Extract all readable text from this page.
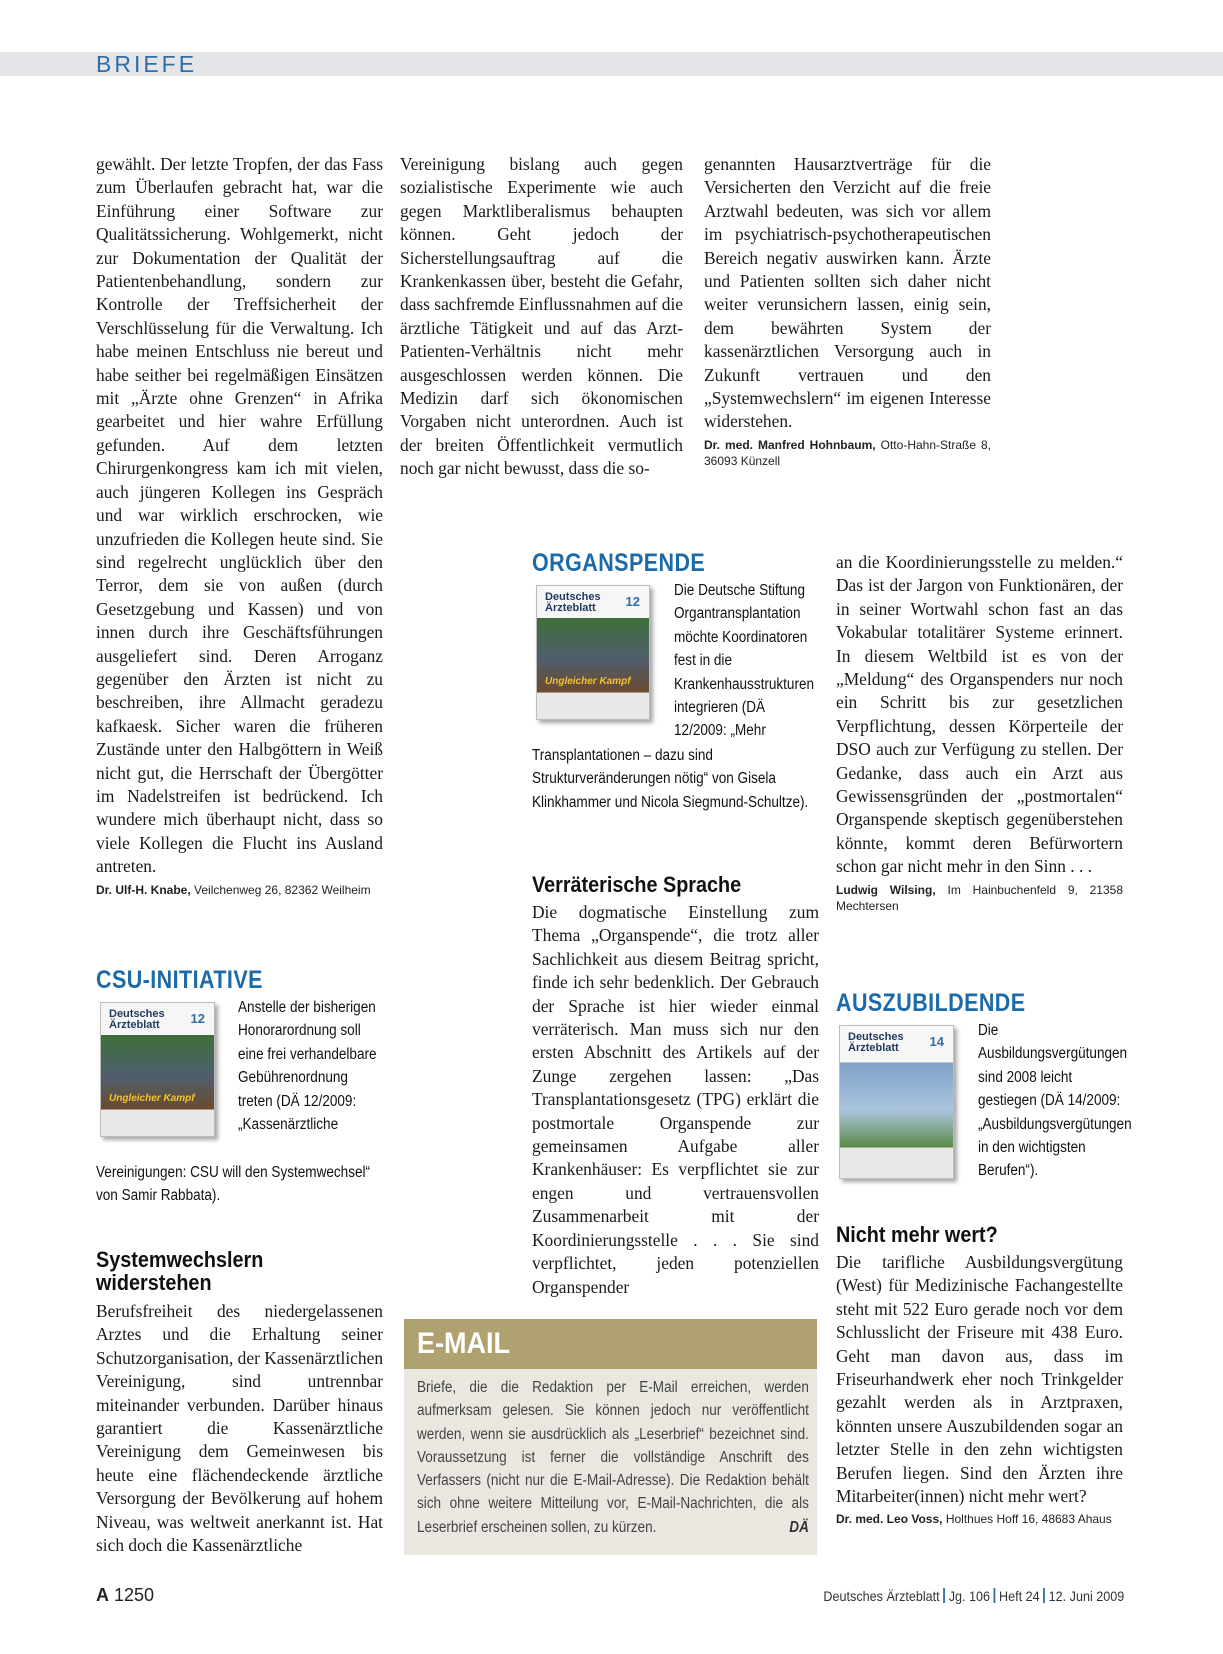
BRIEFE

gewählt. Der letzte Tropfen, der das Fass zum Überlaufen gebracht hat, war die Einführung einer Software zur Qualitätssicherung. Wohlgemerkt, nicht zur Dokumentation der Qualität der Patientenbehandlung, sondern zur Kontrolle der Treffsicherheit der Verschlüsselung für die Verwaltung. Ich habe meinen Entschluss nie bereut und habe seither bei regelmäßigen Einsätzen mit „Ärzte ohne Grenzen“ in Afrika gearbeitet und hier wahre Erfüllung gefunden. Auf dem letzten Chirurgenkongress kam ich mit vielen, auch jüngeren Kollegen ins Gespräch und war wirklich erschrocken, wie unzufrieden die Kollegen heute sind. Sie sind regelrecht unglücklich über den Terror, dem sie von außen (durch Gesetzgebung und Kassen) und von innen durch ihre Geschäftsführungen ausgeliefert sind. Deren Arroganz gegenüber den Ärzten ist nicht zu beschreiben, ihre Allmacht geradezu kafkaesk. Sicher waren die früheren Zustände unter den Halbgöttern in Weiß nicht gut, die Herrschaft der Übergötter im Nadelstreifen ist bedrückend. Ich wundere mich überhaupt nicht, dass so viele Kollegen die Flucht ins Ausland antreten.

Dr. Ulf-H. Knabe, Veilchenweg 26, 82362 Weilheim

Vereinigung bislang auch gegen sozialistische Experimente wie auch gegen Marktliberalismus behaupten können. Geht jedoch der Sicherstellungsauftrag auf die Krankenkassen über, besteht die Gefahr, dass sachfremde Einflussnahmen auf die ärztliche Tätigkeit und auf das Arzt-Patienten-Verhältnis nicht mehr ausgeschlossen werden können. Die Medizin darf sich ökonomischen Vorgaben nicht unterordnen. Auch ist der breiten Öffentlichkeit vermutlich noch gar nicht bewusst, dass die so-

genannten Hausarztverträge für die Versicherten den Verzicht auf die freie Arztwahl bedeuten, was sich vor allem im psychiatrisch-psychotherapeutischen Bereich negativ auswirken kann. Ärzte und Patienten sollten sich daher nicht weiter verunsichern lassen, einig sein, dem bewährten System der kassenärztlichen Versorgung auch in Zukunft vertrauen und den „Systemwechslern“ im eigenen Interesse widerstehen.

Dr. med. Manfred Hohnbaum, Otto-Hahn-Straße 8, 36093 Künzell
CSU-INITIATIVE
Deutsches Ärzteblatt	12
Ungleicher Kampf
Anstelle der bisherigen Honorarordnung soll eine frei verhandelbare Gebührenordnung treten (DÄ 12/2009: „Kassenärztliche
Vereinigungen: CSU will den Systemwechsel“ von Samir Rabbata).
Systemwechslern widerstehen

Berufsfreiheit des niedergelassenen Arztes und die Erhaltung seiner Schutzorganisation, der Kassenärztlichen Vereinigung, sind untrennbar miteinander verbunden. Darüber hinaus garantiert die Kassenärztliche Vereinigung dem Gemeinwesen bis heute eine flächendeckende ärztliche Versorgung der Bevölkerung auf hohem Niveau, was weltweit anerkannt ist. Hat sich doch die Kassenärztliche

ORGANSPENDE
Deutsches Ärzteblatt	12
Ungleicher Kampf
Die Deutsche Stiftung Organtransplantation möchte Koordinatoren fest in die Krankenhausstrukturen integrieren (DÄ 12/2009: „Mehr
Transplantationen – dazu sind Strukturveränderungen nötig“ von Gisela Klinkhammer und Nicola Siegmund-Schultze).
Verräterische Sprache

Die dogmatische Einstellung zum Thema „Organspende“, die trotz aller Sachlichkeit aus diesem Beitrag spricht, finde ich sehr bedenklich. Der Gebrauch der Sprache ist hier wieder einmal verräterisch. Man muss sich nur den ersten Abschnitt des Artikels auf der Zunge zergehen lassen: „Das Transplantationsgesetz (TPG) erklärt die postmortale Organspende zur gemeinsamen Aufgabe aller Krankenhäuser: Es verpflichtet sie zur engen und vertrauensvollen Zusammenarbeit mit der Koordinierungsstelle . . . Sie sind verpflichtet, jeden potenziellen Organspender

an die Koordinierungsstelle zu melden.“ Das ist der Jargon von Funktionären, der in seiner Wortwahl schon fast an das Vokabular totalitärer Systeme erinnert. In diesem Weltbild ist es von der „Meldung“ des Organspenders nur noch ein Schritt bis zur gesetzlichen Verpflichtung, dessen Körperteile der DSO auch zur Verfügung zu stellen. Der Gedanke, dass auch ein Arzt aus Gewissensgründen der „postmortalen“ Organspende skeptisch gegenüberstehen könnte, kommt deren Befürwortern schon gar nicht mehr in den Sinn . . .

Ludwig Wilsing, Im Hainbuchenfeld 9, 21358 Mechtersen
AUSZUBILDENDE
Deutsches Ärzteblatt	14
Die Ausbildungsvergütungen sind 2008 leicht gestiegen (DÄ 14/2009: „Ausbildungsvergütungen in den wichtigsten Berufen“).
Nicht mehr wert?

Die tarifliche Ausbildungsvergütung (West) für Medizinische Fachangestellte steht mit 522 Euro gerade noch vor dem Schlusslicht der Friseure mit 438 Euro. Geht man davon aus, dass im Friseurhandwerk eher noch Trinkgelder gezahlt werden als in Arztpraxen, könnten unsere Auszubildenden sogar an letzter Stelle in den zehn wichtigsten Berufen liegen. Sind den Ärzten ihre Mitarbeiter(innen) nicht mehr wert?

Dr. med. Leo Voss, Holthues Hoff 16, 48683 Ahaus
E-MAIL
Briefe, die die Redaktion per E-Mail erreichen, werden aufmerksam gelesen. Sie können jedoch nur veröffentlicht werden, wenn sie ausdrücklich als „Leserbrief“ bezeichnet sind. Voraussetzung ist ferner die vollständige Anschrift des Verfassers (nicht nur die E-Mail-Adresse). Die Redaktion behält sich ohne weitere Mitteilung vor, E-Mail-Nachrichten, die als Leserbrief erscheinen sollen, zu kürzen.	DÄ
A 1250	Deutsches Ärzteblatt Jg. 106 Heft 24 12. Juni 2009
